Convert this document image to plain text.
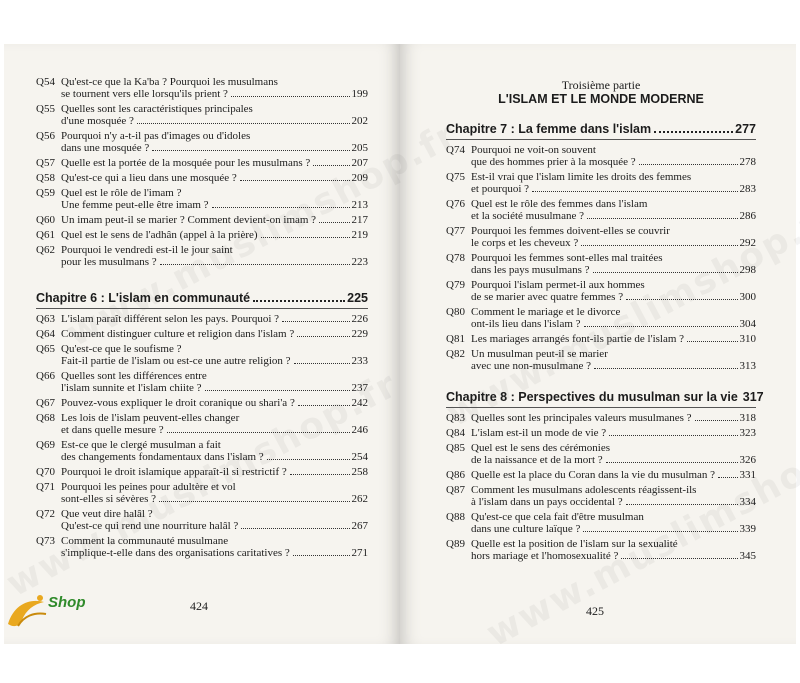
Q54 Qu'est-ce que la Ka'ba ? Pourquoi les musulmans
se tournent vers elle lorsqu'ils prient ?	199
Q55 Quelles sont les caractéristiques principales
d'une mosquée ?	202
Q56 Pourquoi n'y a-t-il pas d'images ou d'idoles
dans une mosquée ?	205
Q57 Quelle est la portée de la mosquée pour les musulmans ?	207
Q58 Qu'est-ce qui a lieu dans une mosquée ?	209
Q59 Quel est le rôle de l'imam ?
Une femme peut-elle être imam ?	213
Q60 Un imam peut-il se marier ? Comment devient-on imam ?	217
Q61 Quel est le sens de l'adhân (appel à la prière)	219
Q62 Pourquoi le vendredi est-il le jour saint
pour les musulmans ?	223
Chapitre 6 : L'islam en communauté	225
Q63 L'islam paraît différent selon les pays. Pourquoi ?	226
Q64 Comment distinguer culture et religion dans l'islam ?	229
Q65 Qu'est-ce que le soufisme ?
Fait-il partie de l'islam ou est-ce une autre religion ?	233
Q66 Quelles sont les différences entre
l'islam sunnite et l'islam chiite ?	237
Q67 Pouvez-vous expliquer le droit coranique ou shari'a ?	242
Q68 Les lois de l'islam peuvent-elles changer
et dans quelle mesure ?	246
Q69 Est-ce que le clergé musulman a fait
des changements fondamentaux dans l'islam ?	254
Q70 Pourquoi le droit islamique apparaît-il si restrictif ?	258
Q71 Pourquoi les peines pour adultère et vol
sont-elles si sévères ?	262
Q72 Que veut dire halâl ?
Qu'est-ce qui rend une nourriture halâl ?	267
Q73 Comment la communauté musulmane
s'implique-t-elle dans des organisations caritatives ?	271
Chapitre 7 : La femme dans l'islam	277
Q74 Pourquoi ne voit-on souvent
que des hommes prier à la mosquée ?	278
Q75 Est-il vrai que l'islam limite les droits des femmes
et pourquoi ?	283
Q76 Quel est le rôle des femmes dans l'islam
et la société musulmane ?	286
Q77 Pourquoi les femmes doivent-elles se couvrir
le corps et les cheveux ?	292
Q78 Pourquoi les femmes sont-elles mal traitées
dans les pays musulmans ?	298
Q79 Pourquoi l'islam permet-il aux hommes
de se marier avec quatre femmes ?	300
Q80 Comment le mariage et le divorce
ont-ils lieu dans l'islam ?	304
Q81 Les mariages arrangés font-ils partie de l'islam ?	310
Q82 Un musulman peut-il se marier
avec une non-musulmane ?	313
Chapitre 8 : Perspectives du musulman sur la vie 317
Q83 Quelles sont les principales valeurs musulmanes ?	318
Q84 L'islam est-il un mode de vie ?	323
Q85 Quel est le sens des cérémonies
de la naissance et de la mort ?	326
Q86 Quelle est la place du Coran dans la vie du musulman ? 331
Q87 Comment les musulmans adolescents réagissent-ils
à l'islam dans un pays occidental ?	334
Q88 Qu'est-ce que cela fait d'être musulman
dans une culture laïque ?	339
Q89 Quelle est la position de l'islam sur la sexualité
hors mariage et l'homosexualité ?	345
Troisième partie
L'ISLAM ET LE MONDE MODERNE
424	425
Shop
